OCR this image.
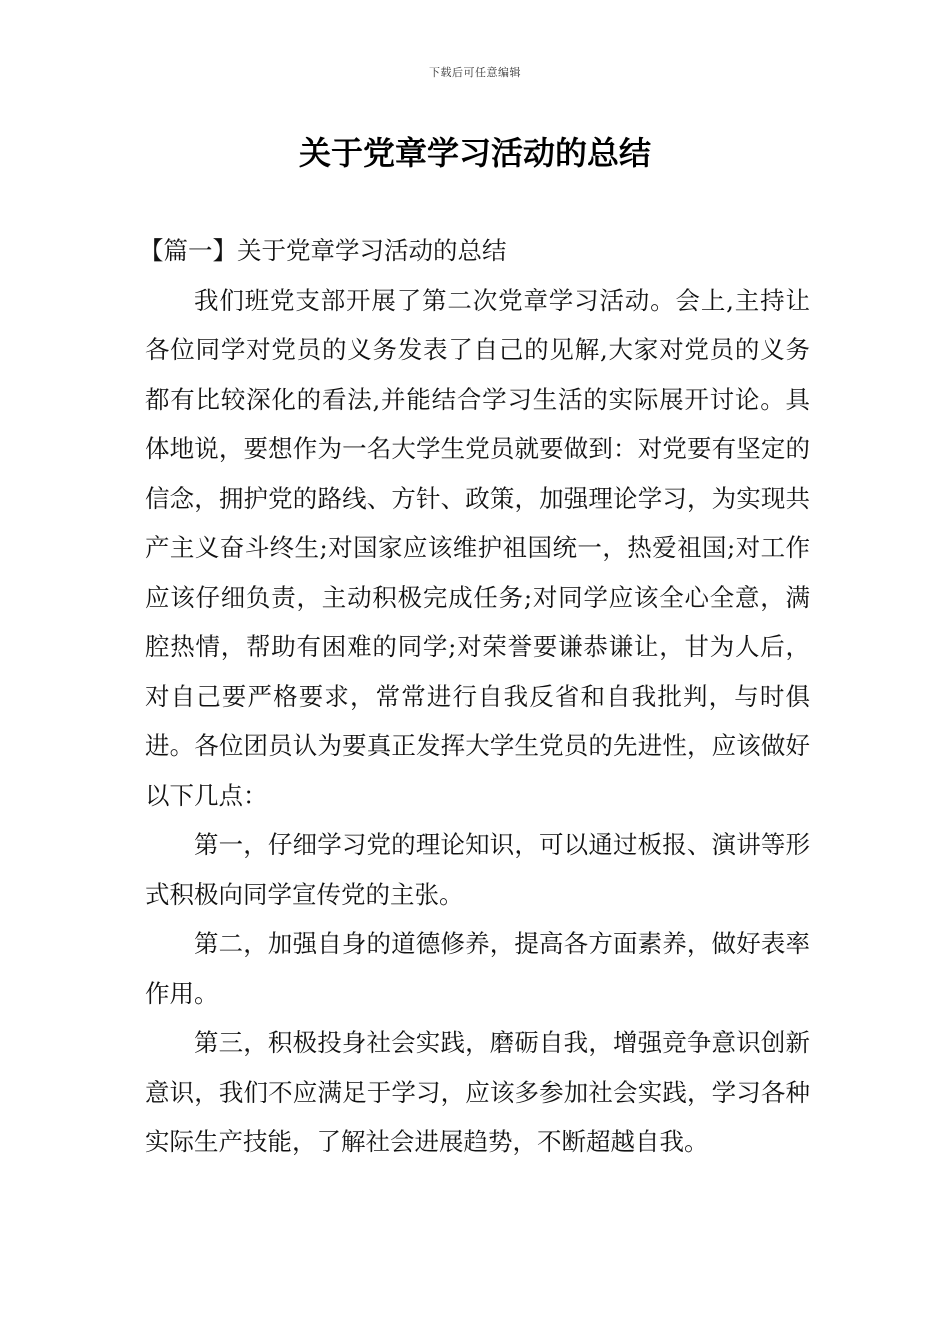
下载后可任意编辑
关于党章学习活动的总结

【篇一】关于党章学习活动的总结

我们班党支部开展了第二次党章学习活动。会上,主持让各位同学对党员的义务发表了自己的见解,大家对党员的义务都有比较深化的看法,并能结合学习生活的实际展开讨论。具体地说，要想作为一名大学生党员就要做到：对党要有坚定的信念，拥护党的路线、方针、政策，加强理论学习，为实现共产主义奋斗终生;对国家应该维护祖国统一，热爱祖国;对工作应该仔细负责，主动积极完成任务;对同学应该全心全意，满腔热情，帮助有困难的同学;对荣誉要谦恭谦让，甘为人后，对自己要严格要求，常常进行自我反省和自我批判，与时俱进。各位团员认为要真正发挥大学生党员的先进性，应该做好以下几点：

第一，仔细学习党的理论知识，可以通过板报、演讲等形式积极向同学宣传党的主张。

第二，加强自身的道德修养，提高各方面素养，做好表率作用。

第三，积极投身社会实践，磨砺自我，增强竞争意识创新意识，我们不应满足于学习，应该多参加社会实践，学习各种实际生产技能，了解社会进展趋势，不断超越自我。
